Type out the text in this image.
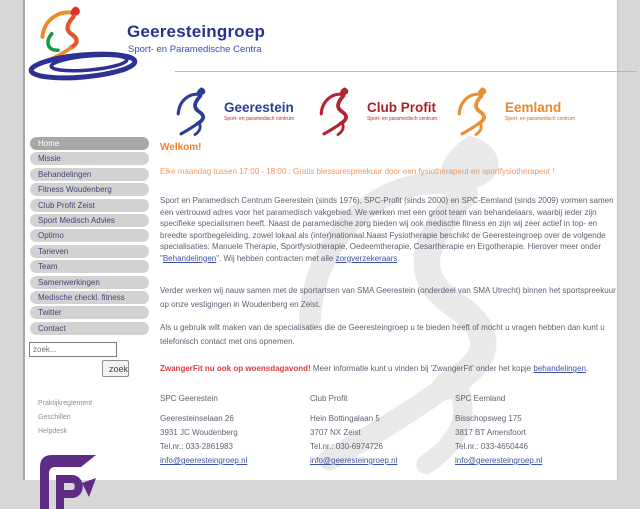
Geeresteingroep
Sport- en Paramedische Centra
Geerestein
Sport- en paramedisch centrum
Club Profit
Sport- en paramedisch centrum
Eemland
Sport- en paramedisch centrum
Home
Missie
Behandelingen
Fitness Woudenberg
Club Profit Zeist
Sport Medisch Advies
Optimo
Tarieven
Team
Samenwerkingen
Medische checkl. fitness
Twitter
Contact
zoek...
zoek
Praktijkreglement
Geschillen
Helpdesk
Welkom!
Elke maandag tussen 17:00 - 18:00 : Gratis blessurespreekuur door een fysiotherapeut en sportfysiotherapeut !
Sport en Paramedisch Centrum Geerestein (sinds 1976), SPC-Profit (sinds 2000) en SPC-Eemland (sinds 2009) vormen samen een vertrouwd adres voor het paramedisch vakgebied. We werken met een groot team van behandelaars, waarbij ieder zijn specifieke specialismen heeft. Naast de paramedische zorg bieden wij ook medische fitness en zijn wij zeer actief in top- en breedte sportbegeleiding, zowel lokaal als (inter)nationaal.Naast Fysiotherapie beschikt de Geeresteingroep over de volgende specialisaties: Manuele Therapie, Sportfysiotherapie, Oedeemtherapie, Cesartherapie en Ergotherapie. Hierover meer onder "Behandelingen". Wij hebben contracten met alle zorgverzekeraars.
Verder werken wij nauw samen met de sportartsen van SMA Geerestein (onderdeel van SMA Utrecht) binnen het sportspreekuur op onze vestigingen in Woudenberg en Zeist.
Als u gebruik wilt maken van de specialisaties die de Geeresteingroep u te bieden heeft of mocht u vragen hebben dan kunt u telefonisch contact met ons opnemen.
ZwangerFit nu ook op woensdagavond! Meer informatie kunt u vinden bij 'ZwangerFit' onder het kopje behandelingen.
SPC Geerestein
Geeresteinselaan 26
3931 JC Woudenberg
Tel.nr.: 033-2861983
info@geeresteingroep.nl
Club Profit
Hein Bottingalaan 5
3707 NX Zeist
Tel.nr.: 030-6974726
info@geeresteingroep.nl
SPC Eemland
Bisschopsweg 175
3817 BT Amersfoort
Tel.nr.: 033-4650446
info@geeresteingroep.nl
